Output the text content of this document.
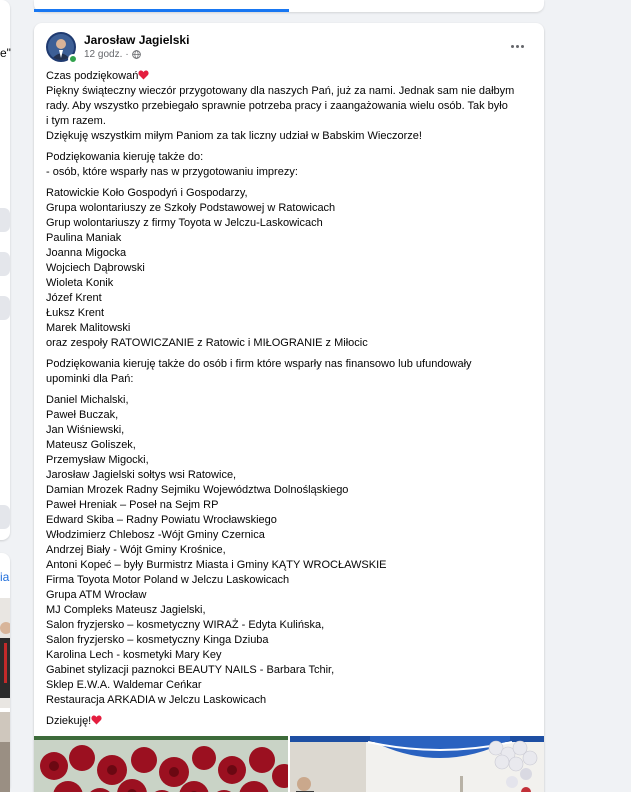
e"
ia
Jarosław Jagielski
12 godz. ·
Czas podziękowań
Piękny świąteczny wieczór przygotowany dla naszych Pań, już za nami. Jednak sam nie dałbym
rady. Aby wszystko przebiegało sprawnie potrzeba pracy i zaangażowania wielu osób. Tak było
i tym razem.
Dziękuję wszystkim miłym Paniom za tak liczny udział w Babskim Wieczorze!
Podziękowania kieruję także do:
- osób, które wsparły nas w przygotowaniu imprezy:
Ratowickie Koło Gospodyń i Gospodarzy,
Grupa wolontariuszy ze Szkoły Podstawowej w Ratowicach
Grup wolontariuszy z firmy Toyota w Jelczu-Laskowicach
Paulina Maniak
Joanna Migocka
Wojciech Dąbrowski
Wioleta Konik
Józef Krent
Łuksz Krent
Marek Malitowski
oraz zespoły RATOWICZANIE z Ratowic i MIŁOGRANIE z Miłocic
Podziękowania kieruję także do osób i firm które wsparły nas finansowo lub ufundowały
upominki dla Pań:
Daniel Michalski,
Paweł Buczak,
Jan Wiśniewski,
Mateusz Goliszek,
Przemysław Migocki,
Jarosław Jagielski sołtys wsi Ratowice,
Damian Mrozek Radny Sejmiku Województwa Dolnośląskiego
Paweł Hreniak – Poseł na Sejm RP
Edward Skiba – Radny Powiatu Wrocławskiego
Włodzimierz Chlebosz -Wójt Gminy Czernica
Andrzej Biały - Wójt Gminy Krośnice,
Antoni Kopeć – były Burmistrz Miasta i Gminy KĄTY WROCŁAWSKIE
Firma Toyota Motor Poland w Jelczu Laskowicach
Grupa ATM Wrocław
MJ Compleks Mateusz Jagielski,
Salon fryzjersko – kosmetyczny WIRAŻ - Edyta Kulińska,
Salon fryzjersko – kosmetyczny Kinga Dziuba
Karolina Lech - kosmetyki Mary Key
Gabinet stylizacji paznokci BEAUTY NAILS - Barbara Tchir,
Sklep E.W.A. Waldemar Ceńkar
Restauracja ARKADIA w Jelczu Laskowicach
Dziekuję!
